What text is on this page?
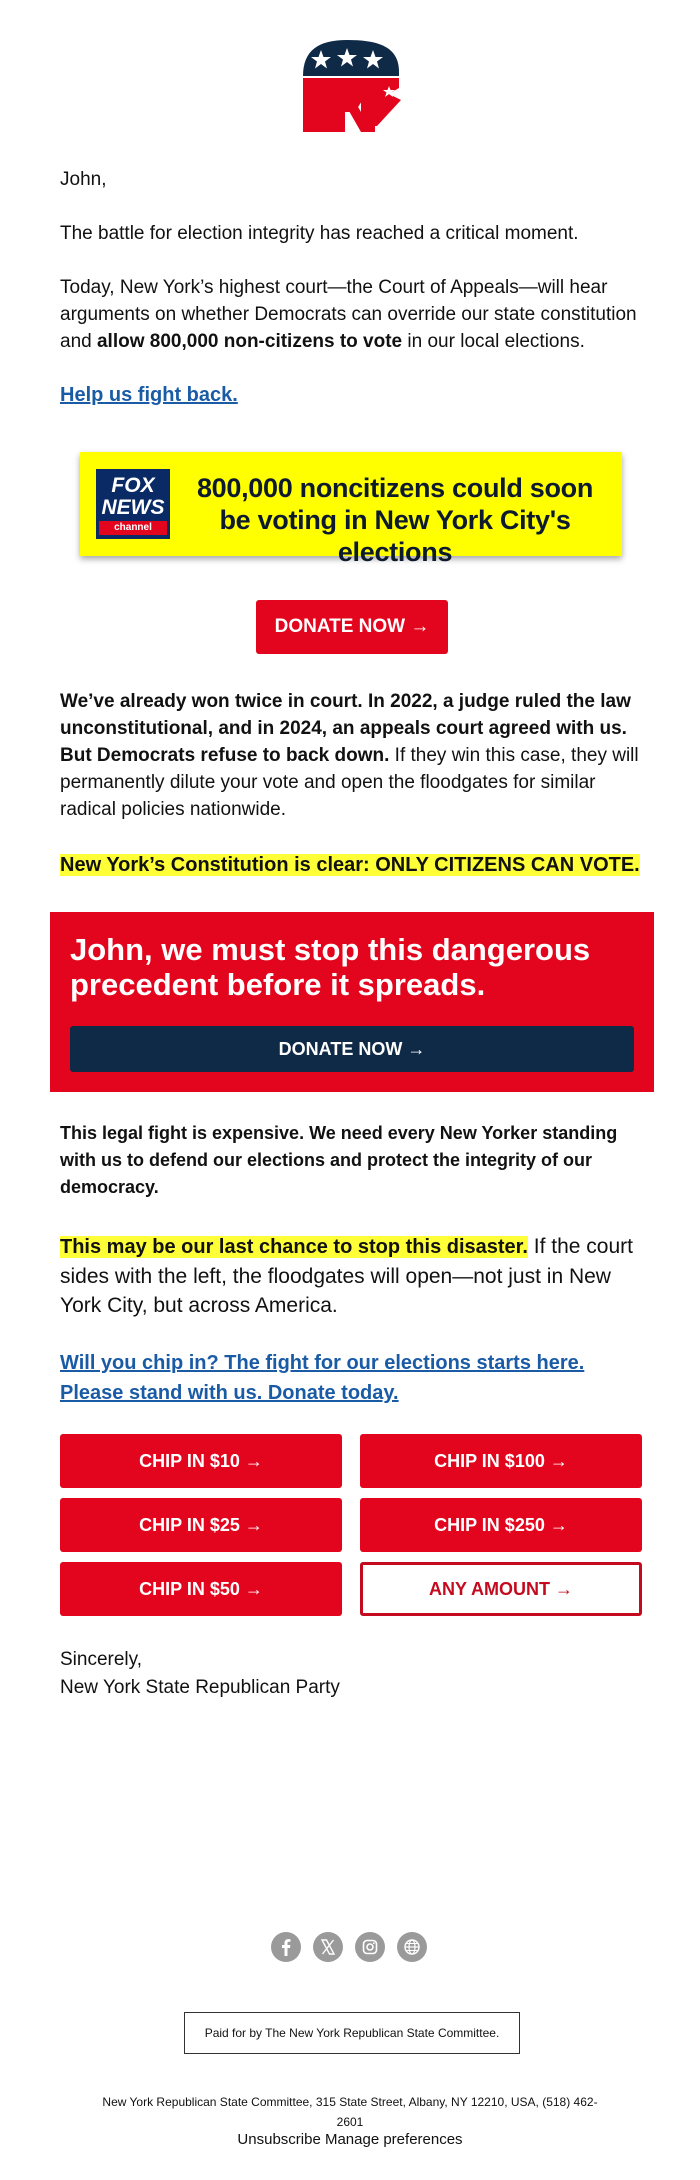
John,

The battle for election integrity has reached a critical moment.

Today, New York’s highest court—the Court of Appeals—will hear arguments on whether Democrats can override our state constitution and allow 800,000 non-citizens to vote in our local elections.

Help us fight back.

FOX
NEWS
channel
800,000 noncitizens could soon be voting in New York City's elections
DONATE NOW →

We’ve already won twice in court. In 2022, a judge ruled the law unconstitutional, and in 2024, an appeals court agreed with us. But Democrats refuse to back down. If they win this case, they will permanently dilute your vote and open the floodgates for similar radical policies nationwide.

New York’s Constitution is clear: ONLY CITIZENS CAN VOTE.

John, we must stop this dangerous precedent before it spreads.
DONATE NOW →

This legal fight is expensive. We need every New Yorker standing with us to defend our elections and protect the integrity of our democracy.

This may be our last chance to stop this disaster. If the court sides with the left, the floodgates will open—not just in New York City, but across America.

Will you chip in? The fight for our elections starts here.
Please stand with us. Donate today.

CHIP IN $10 →	CHIP IN $100 →
CHIP IN $25 →	CHIP IN $250 →
CHIP IN $50 →	ANY AMOUNT →

Sincerely,

New York State Republican Party

Paid for by The New York Republican State Committee.
New York Republican State Committee, 315 State Street, Albany, NY 12210, USA, (518) 462-2601
Unsubscribe Manage preferences
